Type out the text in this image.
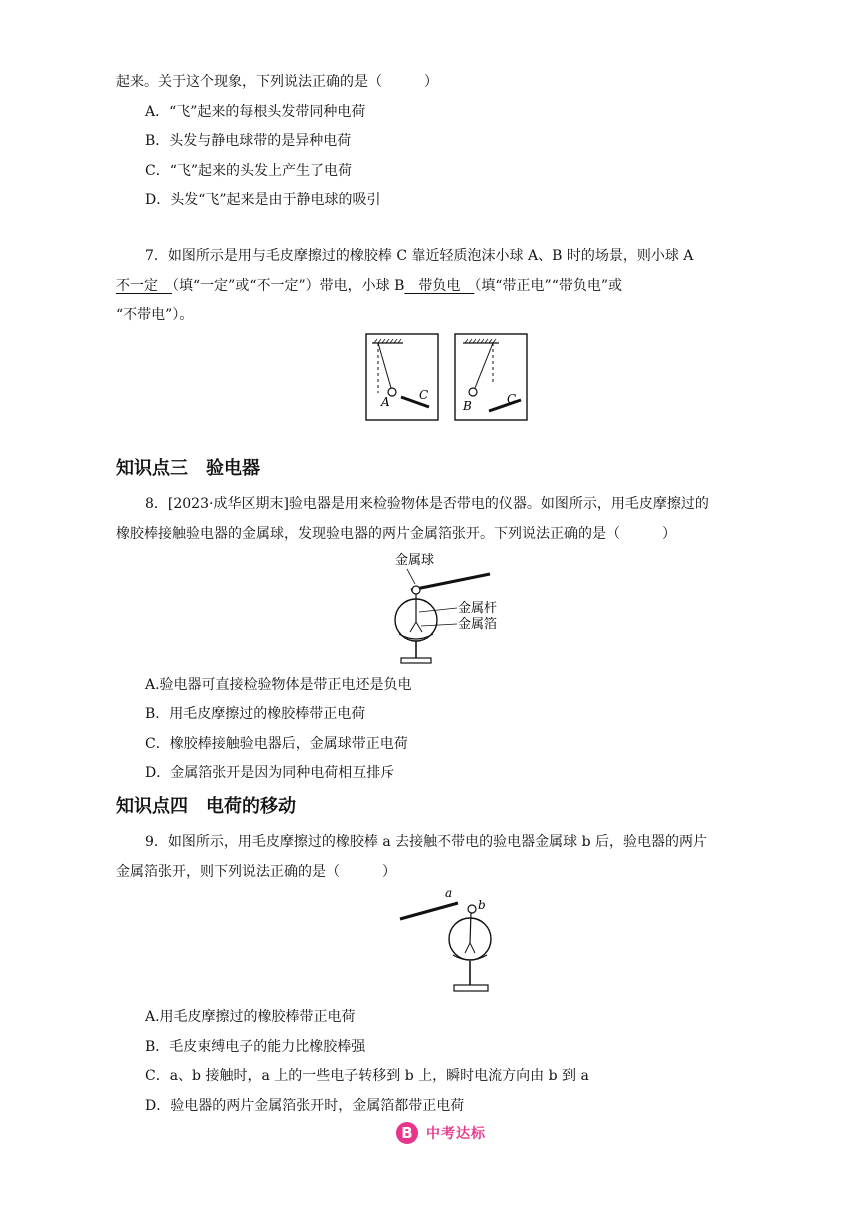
起来。关于这个现象，下列说法正确的是（　　　）
A．“飞”起来的每根头发带同种电荷
B．头发与静电球带的是异种电荷
C．“飞”起来的头发上产生了电荷
D．头发“飞”起来是由于静电球的吸引
7．如图所示是用与毛皮摩擦过的橡胶棒 C 靠近轻质泡沫小球 A、B 时的场景，则小球 A
不一定　（填“一定”或“不一定”）带电，小球 B　带负电　（填“带正电”“带负电”或
“不带电”）。
A C
B	C
知识点三　验电器
8．[2023·成华区期末]验电器是用来检验物体是否带电的仪器。如图所示，用毛皮摩擦过的
橡胶棒接触验电器的金属球，发现验电器的两片金属箔张开。下列说法正确的是（　　　）
金属球
金属杆
金属箔
A.验电器可直接检验物体是带正电还是负电
B．用毛皮摩擦过的橡胶棒带正电荷
C．橡胶棒接触验电器后，金属球带正电荷
D．金属箔张开是因为同种电荷相互排斥
知识点四　电荷的移动
9．如图所示，用毛皮摩擦过的橡胶棒 a 去接触不带电的验电器金属球 b 后，验电器的两片
金属箔张开，则下列说法正确的是（　　　）
a
b
A.用毛皮摩擦过的橡胶棒带正电荷
B．毛皮束缚电子的能力比橡胶棒强
C．a、b 接触时，a 上的一些电子转移到 b 上，瞬时电流方向由 b 到 a
D．验电器的两片金属箔张开时，金属箔都带正电荷
B 中考达标
